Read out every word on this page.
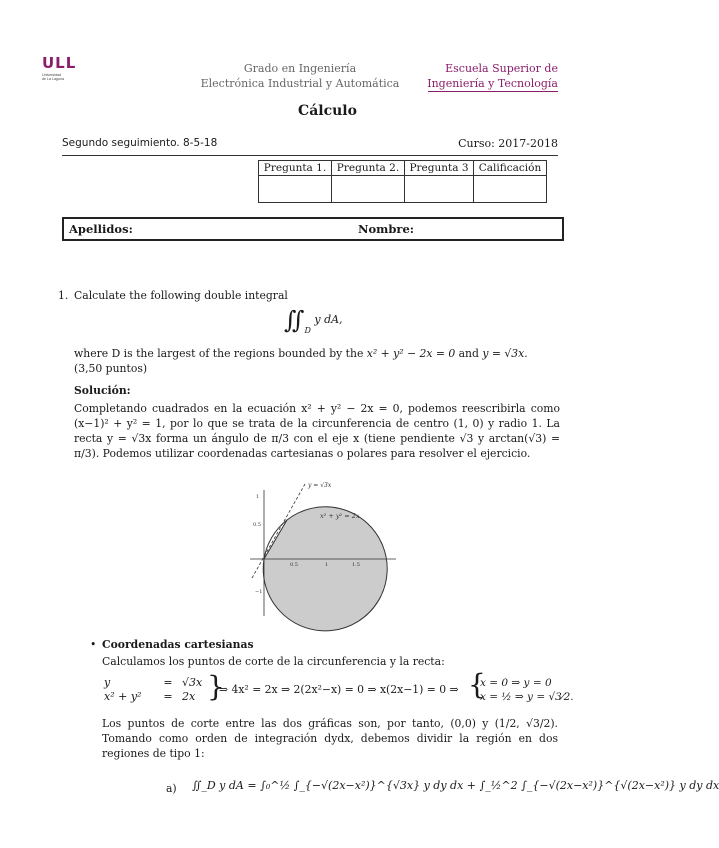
ULL
Universidad
de La Laguna
Grado en Ingeniería
Electrónica Industrial y Automática
Escuela Superior de
Ingeniería y Tecnología
Cálculo
Segundo seguimiento. 8-5-18	Curso: 2017-2018
Pregunta 1.	Pregunta 2.	Pregunta 3	Calificación

Apellidos:	Nombre:
1. Calculate the following double integral
$∬_D$ y dA,
where D is the largest of the regions bounded by the x² + y² − 2x = 0 and y = √3x.
(3,50 puntos)
Solución:
Completando cuadrados en la ecuación x² + y² − 2x = 0, podemos reescribirla como (x−1)² + y² = 1, por lo que se trata de la circunferencia de centro (1, 0) y radio 1. La recta y = √3x forma un ángulo de π/3 con el eje x (tiene pendiente √3 y arctan(√3) = π/3). Podemos utilizar coordenadas cartesianas o polares para resolver el ejercicio.
0.5	1	1.5
1
0.5
−1
y = √3x
x² + y² = 2x
• Coordenadas cartesianas
Calculamos los puntos de corte de la circunferencia y la recta:
y	= √3x
x² + y²	= 2x }
⇒ 4x² = 2x ⇒ 2(2x²−x) = 0 ⇒ x(2x−1) = 0 ⇒ {
x = 0 ⇒ y = 0
x = ½ ⇒ y = √3⁄2.
Los puntos de corte entre las dos gráficas son, por tanto, (0,0) y (1/2, √3/2). Tomando como orden de integración dydx, debemos dividir la región en dos regiones de tipo 1:
a) ∬_D y dA = ∫₀^½ ∫_{−√(2x−x²)}^{√3x} y dy dx + ∫_½^2 ∫_{−√(2x−x²)}^{√(2x−x²)} y dy dx
